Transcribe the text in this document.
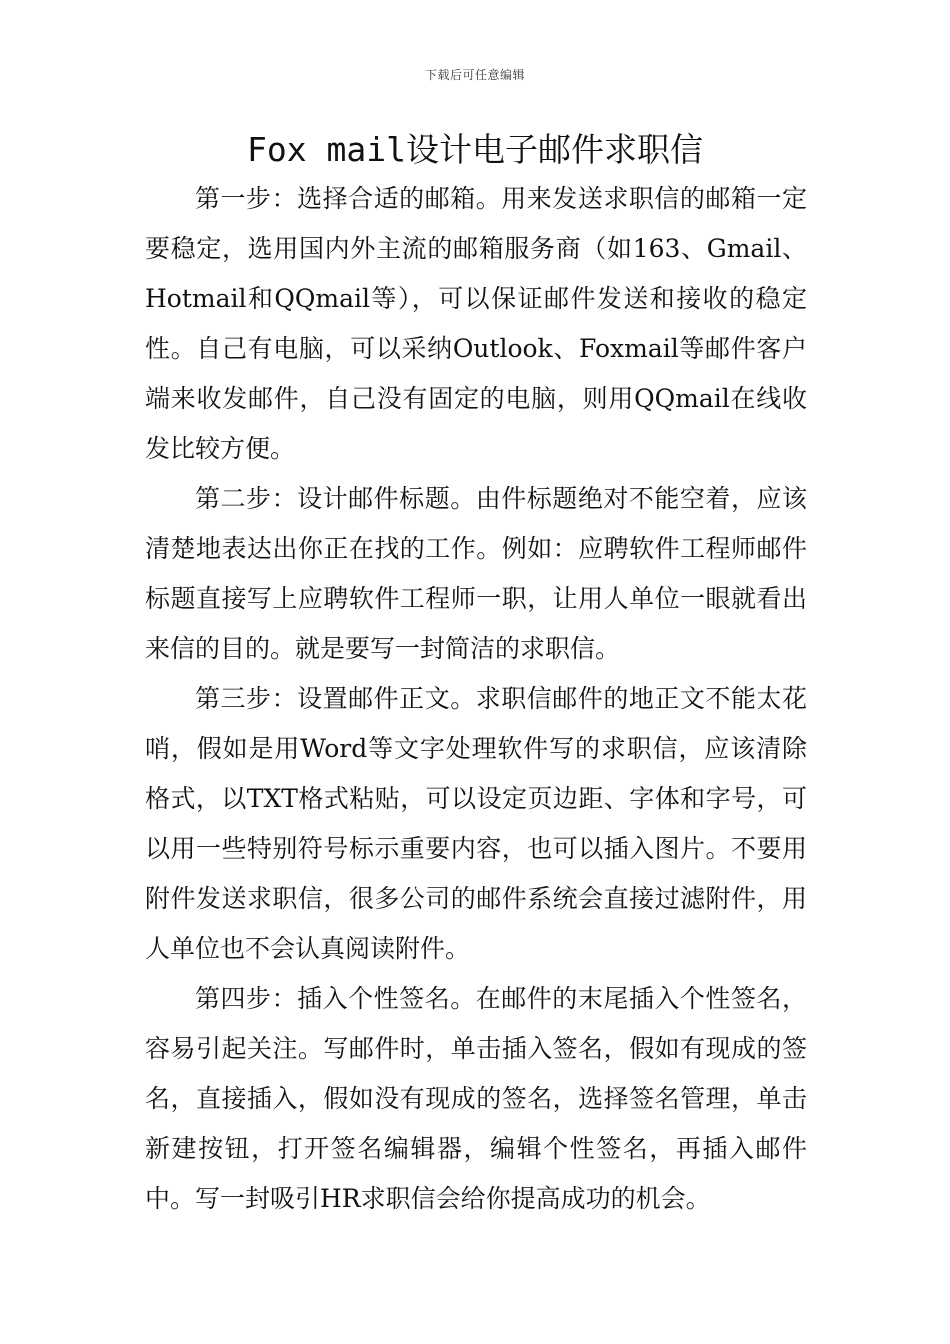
下载后可任意编辑
Fox mail设计电子邮件求职信

第一步：选择合适的邮箱。用来发送求职信的邮箱一定要稳定，选用国内外主流的邮箱服务商（如163、Gmail、Hotmail和QQmail等），可以保证邮件发送和接收的稳定性。自己有电脑，可以采纳Outlook、Foxmail等邮件客户端来收发邮件，自己没有固定的电脑，则用QQmail在线收发比较方便。

第二步：设计邮件标题。由件标题绝对不能空着，应该清楚地表达出你正在找的工作。例如：应聘软件工程师邮件标题直接写上应聘软件工程师一职，让用人单位一眼就看出来信的目的。就是要写一封简洁的求职信。

第三步：设置邮件正文。求职信邮件的地正文不能太花哨，假如是用Word等文字处理软件写的求职信，应该清除格式，以TXT格式粘贴，可以设定页边距、字体和字号，可以用一些特别符号标示重要内容，也可以插入图片。不要用附件发送求职信，很多公司的邮件系统会直接过滤附件，用人单位也不会认真阅读附件。

第四步：插入个性签名。在邮件的末尾插入个性签名，容易引起关注。写邮件时，单击插入签名，假如有现成的签名，直接插入，假如没有现成的签名，选择签名管理，单击新建按钮，打开签名编辑器，编辑个性签名，再插入邮件中。写一封吸引HR求职信会给你提高成功的机会。
